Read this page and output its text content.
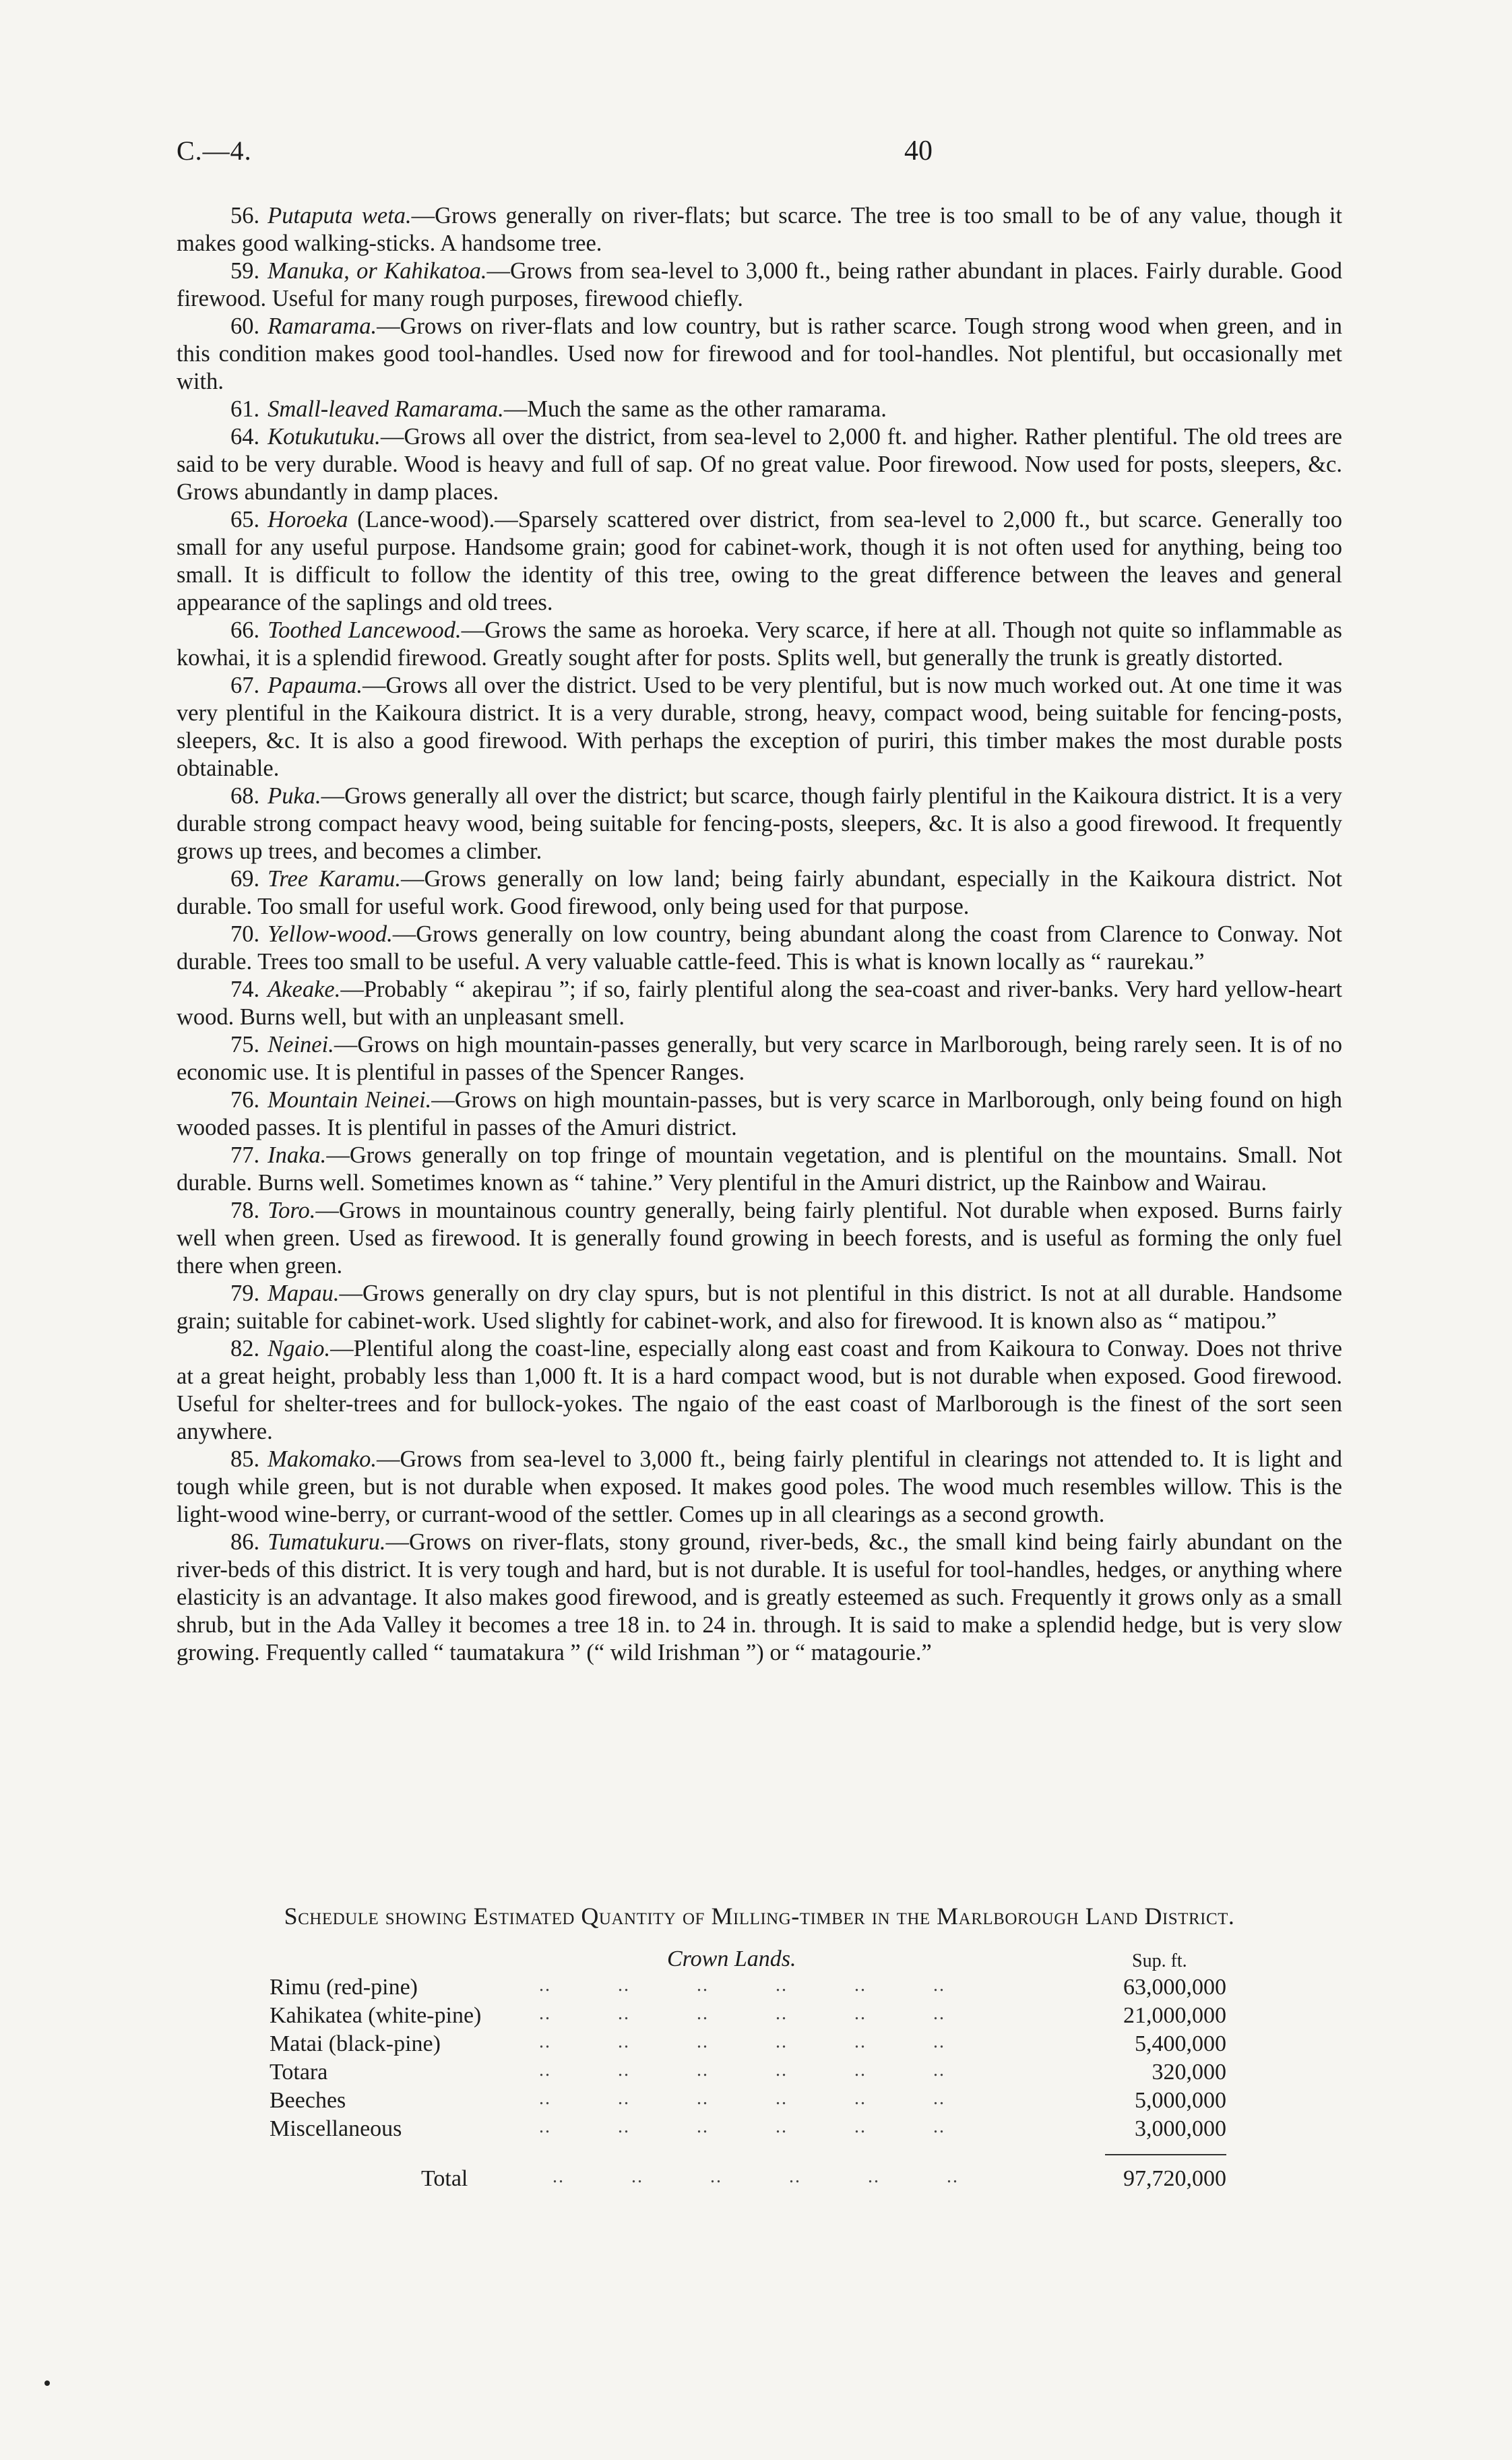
C.—4.	40

56. Putaputa weta.—Grows generally on river-flats; but scarce. The tree is too small to be of any value, though it makes good walking-sticks. A handsome tree.

59. Manuka, or Kahikatoa.—Grows from sea-level to 3,000 ft., being rather abundant in places. Fairly durable. Good firewood. Useful for many rough purposes, firewood chiefly.

60. Ramarama.—Grows on river-flats and low country, but is rather scarce. Tough strong wood when green, and in this condition makes good tool-handles. Used now for firewood and for tool-handles. Not plentiful, but occasionally met with.

61. Small-leaved Ramarama.—Much the same as the other ramarama.

64. Kotukutuku.—Grows all over the district, from sea-level to 2,000 ft. and higher. Rather plentiful. The old trees are said to be very durable. Wood is heavy and full of sap. Of no great value. Poor firewood. Now used for posts, sleepers, &c. Grows abundantly in damp places.

65. Horoeka (Lance-wood).—Sparsely scattered over district, from sea-level to 2,000 ft., but scarce. Generally too small for any useful purpose. Handsome grain; good for cabinet-work, though it is not often used for anything, being too small. It is difficult to follow the identity of this tree, owing to the great difference between the leaves and general appearance of the saplings and old trees.

66. Toothed Lancewood.—Grows the same as horoeka. Very scarce, if here at all. Though not quite so inflammable as kowhai, it is a splendid firewood. Greatly sought after for posts. Splits well, but generally the trunk is greatly distorted.

67. Papauma.—Grows all over the district. Used to be very plentiful, but is now much worked out. At one time it was very plentiful in the Kaikoura district. It is a very durable, strong, heavy, compact wood, being suitable for fencing-posts, sleepers, &c. It is also a good firewood. With perhaps the exception of puriri, this timber makes the most durable posts obtainable.

68. Puka.—Grows generally all over the district; but scarce, though fairly plentiful in the Kaikoura district. It is a very durable strong compact heavy wood, being suitable for fencing-posts, sleepers, &c. It is also a good firewood. It frequently grows up trees, and becomes a climber.

69. Tree Karamu.—Grows generally on low land; being fairly abundant, especially in the Kaikoura district. Not durable. Too small for useful work. Good firewood, only being used for that purpose.

70. Yellow-wood.—Grows generally on low country, being abundant along the coast from Clarence to Conway. Not durable. Trees too small to be useful. A very valuable cattle-feed. This is what is known locally as “ raurekau.”

74. Akeake.—Probably “ akepirau ”; if so, fairly plentiful along the sea-coast and river-banks. Very hard yellow-heart wood. Burns well, but with an unpleasant smell.

75. Neinei.—Grows on high mountain-passes generally, but very scarce in Marlborough, being rarely seen. It is of no economic use. It is plentiful in passes of the Spencer Ranges.

76. Mountain Neinei.—Grows on high mountain-passes, but is very scarce in Marlborough, only being found on high wooded passes. It is plentiful in passes of the Amuri district.

77. Inaka.—Grows generally on top fringe of mountain vegetation, and is plentiful on the mountains. Small. Not durable. Burns well. Sometimes known as “ tahine.” Very plentiful in the Amuri district, up the Rainbow and Wairau.

78. Toro.—Grows in mountainous country generally, being fairly plentiful. Not durable when exposed. Burns fairly well when green. Used as firewood. It is generally found growing in beech forests, and is useful as forming the only fuel there when green.

79. Mapau.—Grows generally on dry clay spurs, but is not plentiful in this district. Is not at all durable. Handsome grain; suitable for cabinet-work. Used slightly for cabinet-work, and also for firewood. It is known also as “ matipou.”

82. Ngaio.—Plentiful along the coast-line, especially along east coast and from Kaikoura to Conway. Does not thrive at a great height, probably less than 1,000 ft. It is a hard compact wood, but is not durable when exposed. Good firewood. Useful for shelter-trees and for bullock-yokes. The ngaio of the east coast of Marlborough is the finest of the sort seen anywhere.

85. Makomako.—Grows from sea-level to 3,000 ft., being fairly plentiful in clearings not attended to. It is light and tough while green, but is not durable when exposed. It makes good poles. The wood much resembles willow. This is the light-wood wine-berry, or currant-wood of the settler. Comes up in all clearings as a second growth.

86. Tumatukuru.—Grows on river-flats, stony ground, river-beds, &c., the small kind being fairly abundant on the river-beds of this district. It is very tough and hard, but is not durable. It is useful for tool-handles, hedges, or anything where elasticity is an advantage. It also makes good firewood, and is greatly esteemed as such. Frequently it grows only as a small shrub, but in the Ada Valley it becomes a tree 18 in. to 24 in. through. It is said to make a splendid hedge, but is very slow growing. Frequently called “ taumatakura ” (“ wild Irishman ”) or “ matagourie.”

Schedule showing Estimated Quantity of Milling-timber in the Marlborough Land District.
Crown Lands.	Sup. ft.
Rimu (red-pine)	..           ..           ..           ..           ..           ..	63,000,000
Kahikatea (white-pine)	..           ..           ..           ..           ..           ..	21,000,000
Matai (black-pine)	..           ..           ..           ..           ..           ..	5,400,000
Totara	..           ..           ..           ..           ..           ..	320,000
Beeches	..           ..           ..           ..           ..           ..	5,000,000
Miscellaneous	..           ..           ..           ..           ..           ..	3,000,000
Total	..           ..           ..           ..           ..           ..	97,720,000
